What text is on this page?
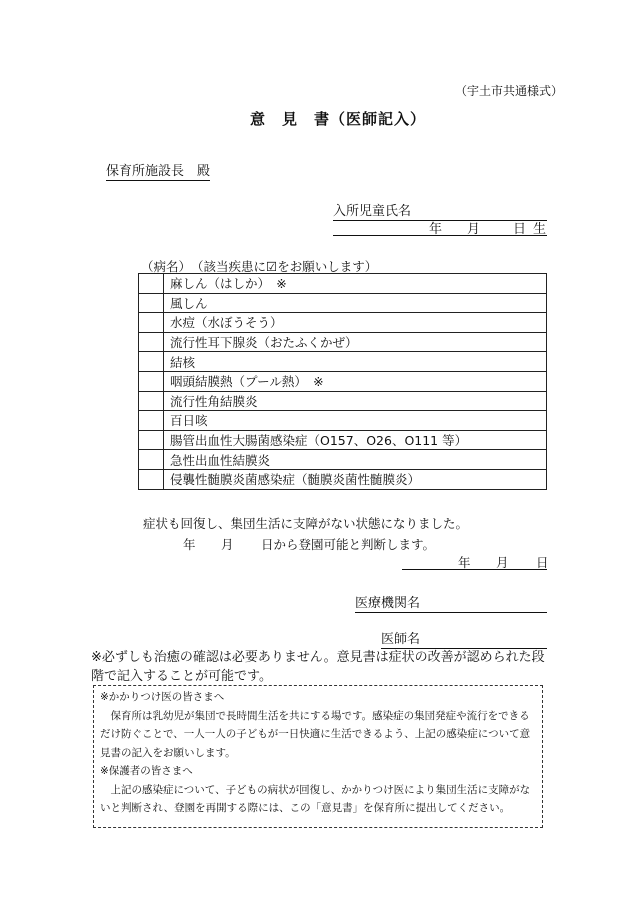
（宇土市共通様式）
意　見　書（医師記入）
保育所施設長　殿
入所児童氏名
年 月	日 生
（病名）　（該当疾患に☑をお願いします）
	麻しん（はしか）　※
	風しん
	水痘（水ぼうそう）
	流行性耳下腺炎（おたふくかぜ）
	結核
	咽頭結膜熱（プール熱）　※
	流行性角結膜炎
	百日咳
	腸管出血性大腸菌感染症（O157、O26、O111 等）
	急性出血性結膜炎
	侵襲性髄膜炎菌感染症（髄膜炎菌性髄膜炎）
症状も回復し、集団生活に支障がない状態になりました。
年 月 日から登園可能と判断します。
年 月 日
医療機関名
医師名
※必ずしも治癒の確認は必要ありません。意見書は症状の改善が認められた段階で記入することが可能です。

※かかりつけ医の皆さまへ

保育所は乳幼児が集団で長時間生活を共にする場です。感染症の集団発症や流行をできるだけ防ぐことで、一人一人の子どもが一日快適に生活できるよう、上記の感染症について意見書の記入をお願いします。

※保護者の皆さまへ

上記の感染症について、子どもの病状が回復し、かかりつけ医により集団生活に支障がないと判断され、登園を再開する際には、この「意見書」を保育所に提出してください。
